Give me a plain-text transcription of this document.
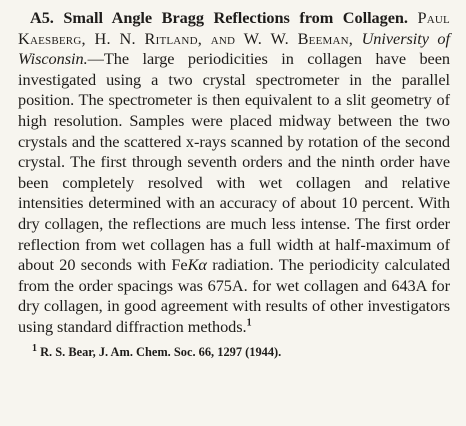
A5. Small Angle Bragg Reflections from Collagen. Paul Kaesberg, H. N. Ritland, and W. W. Beeman, University of Wisconsin.—The large periodicities in collagen have been investigated using a two crystal spectrometer in the parallel position. The spectrometer is then equivalent to a slit geometry of high resolution. Samples were placed midway between the two crystals and the scattered x-rays scanned by rotation of the second crystal. The first through seventh orders and the ninth order have been completely resolved with wet collagen and relative intensities determined with an accuracy of about 10 percent. With dry collagen, the reflections are much less intense. The first order reflection from wet collagen has a full width at half-maximum of about 20 seconds with FeKα radiation. The periodicity calculated from the order spacings was 675A. for wet collagen and 643A for dry collagen, in good agreement with results of other investigators using standard diffraction methods.$^1$

$^1$ R. S. Bear, J. Am. Chem. Soc. 66, 1297 (1944).
